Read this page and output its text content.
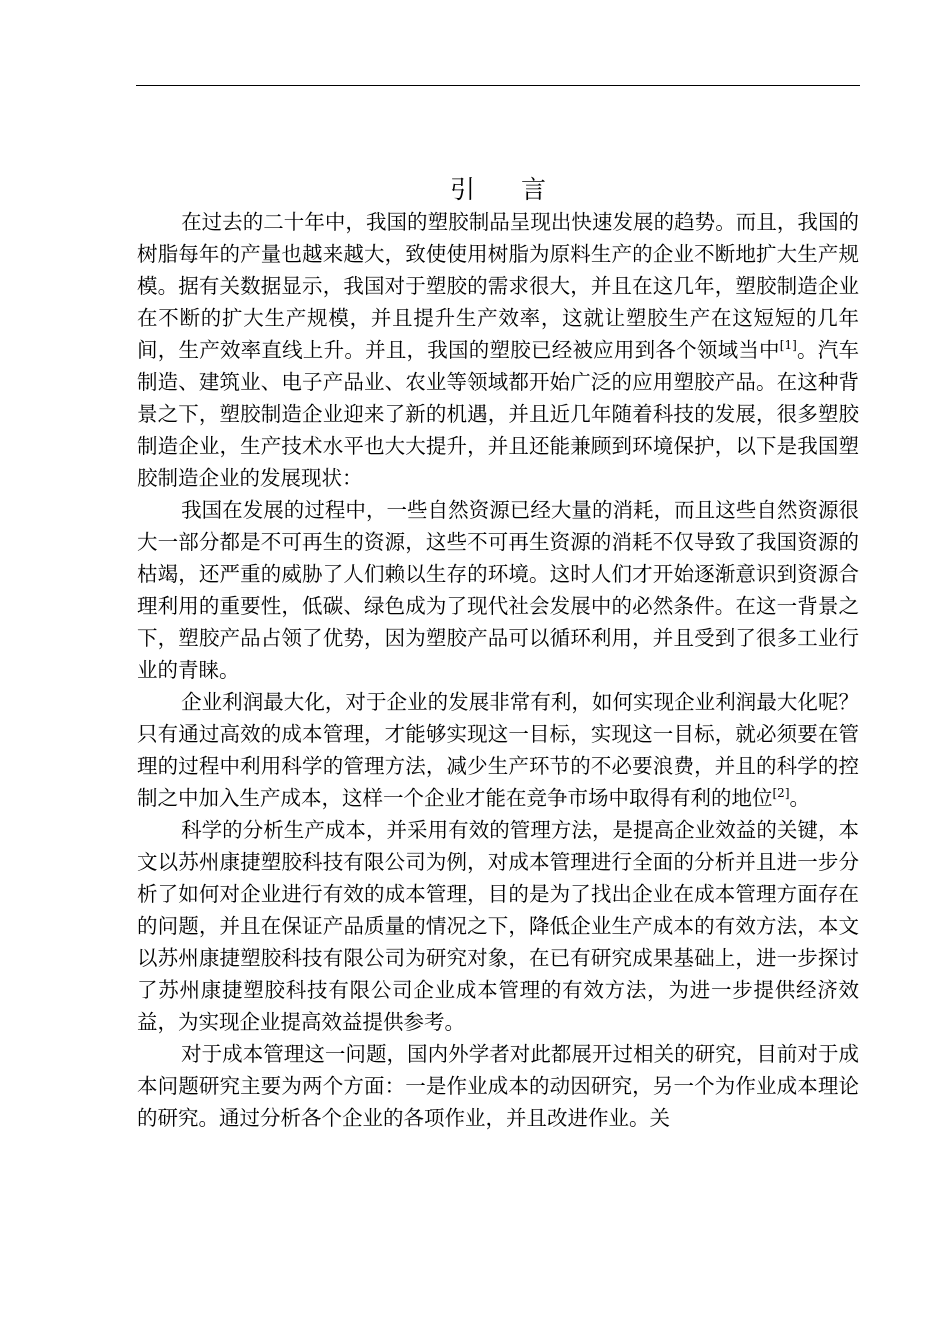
引言

在过去的二十年中，我国的塑胶制品呈现出快速发展的趋势。而且，我国的树脂每年的产量也越来越大，致使使用树脂为原料生产的企业不断地扩大生产规模。据有关数据显示，我国对于塑胶的需求很大，并且在这几年，塑胶制造企业在不断的扩大生产规模，并且提升生产效率，这就让塑胶生产在这短短的几年间，生产效率直线上升。并且，我国的塑胶已经被应用到各个领域当中[1]。汽车制造、建筑业、电子产品业、农业等领域都开始广泛的应用塑胶产品。在这种背景之下，塑胶制造企业迎来了新的机遇，并且近几年随着科技的发展，很多塑胶制造企业，生产技术水平也大大提升，并且还能兼顾到环境保护，以下是我国塑胶制造企业的发展现状：

我国在发展的过程中，一些自然资源已经大量的消耗，而且这些自然资源很大一部分都是不可再生的资源，这些不可再生资源的消耗不仅导致了我国资源的枯竭，还严重的威胁了人们赖以生存的环境。这时人们才开始逐渐意识到资源合理利用的重要性，低碳、绿色成为了现代社会发展中的必然条件。在这一背景之下，塑胶产品占领了优势，因为塑胶产品可以循环利用，并且受到了很多工业行业的青睐。

企业利润最大化，对于企业的发展非常有利，如何实现企业利润最大化呢？只有通过高效的成本管理，才能够实现这一目标，实现这一目标，就必须要在管理的过程中利用科学的管理方法，减少生产环节的不必要浪费，并且的科学的控制之中加入生产成本，这样一个企业才能在竞争市场中取得有利的地位[2]。

科学的分析生产成本，并采用有效的管理方法，是提高企业效益的关键，本文以苏州康捷塑胶科技有限公司为例，对成本管理进行全面的分析并且进一步分析了如何对企业进行有效的成本管理，目的是为了找出企业在成本管理方面存在的问题，并且在保证产品质量的情况之下，降低企业生产成本的有效方法，本文以苏州康捷塑胶科技有限公司为研究对象，在已有研究成果基础上，进一步探讨了苏州康捷塑胶科技有限公司企业成本管理的有效方法，为进一步提供经济效益，为实现企业提高效益提供参考。

对于成本管理这一问题，国内外学者对此都展开过相关的研究，目前对于成本问题研究主要为两个方面：一是作业成本的动因研究，另一个为作业成本理论的研究。通过分析各个企业的各项作业，并且改进作业。关
